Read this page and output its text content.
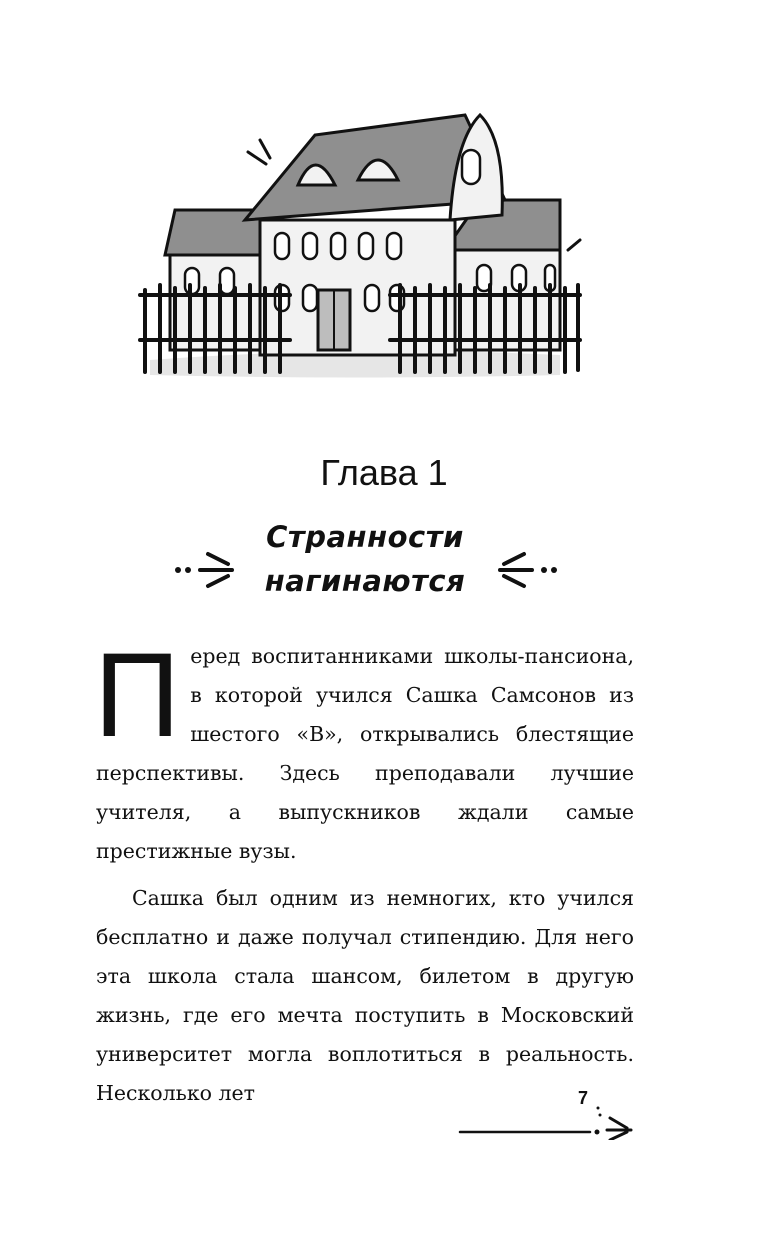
Глава 1
Странности
нагинаются

П еред воспитанниками школы-пансиона, в которой учился Сашка Самсонов из шестого «В», открывались блестящие перспективы. Здесь преподавали лучшие учителя, а выпускников ждали самые престижные вузы.

Сашка был одним из немногих, кто учился бесплатно и даже получал стипендию. Для него эта школа стала шансом, билетом в другую жизнь, где его мечта поступить в Московский университет могла воплотиться в реальность. Несколько лет	7
